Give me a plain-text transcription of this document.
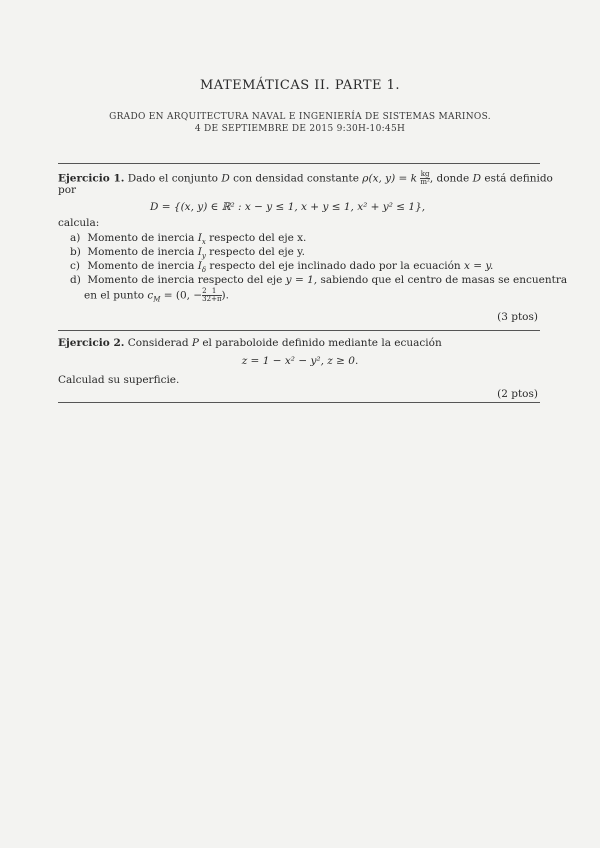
MATEMÁTICAS II. PARTE 1.
GRADO EN ARQUITECTURA NAVAL E INGENIERÍA DE SISTEMAS MARINOS.
4 DE SEPTIEMBRE DE 2015 9:30H-10:45H
Ejercicio 1. Dado el conjunto D con densidad constante ρ(x, y) = k $\frac{kg}{\text{m²}}$ , donde D está definido
por
D = {(x, y) ∈ ℝ² : x − y ≤ 1, x + y ≤ 1, x² + y² ≤ 1},
calcula:
a) Momento de inercia $I_x$ respecto del eje x.
b) Momento de inercia $I_y$ respecto del eje y.
c) Momento de inercia $I_\delta$ respecto del eje inclinado dado por la ecuación x = y.
d) Momento de inercia respecto del eje y = 1, sabiendo que el centro de masas se encuentra
en el punto $c_M = (0$, − $\frac{2}{3} \frac{1}{2+\pi}$ ).
(3 ptos)
Ejercicio 2. Considerad P el paraboloide definido mediante la ecuación
z = 1 − x² − y², z ≥ 0.
Calculad su superficie.
(2 ptos)
